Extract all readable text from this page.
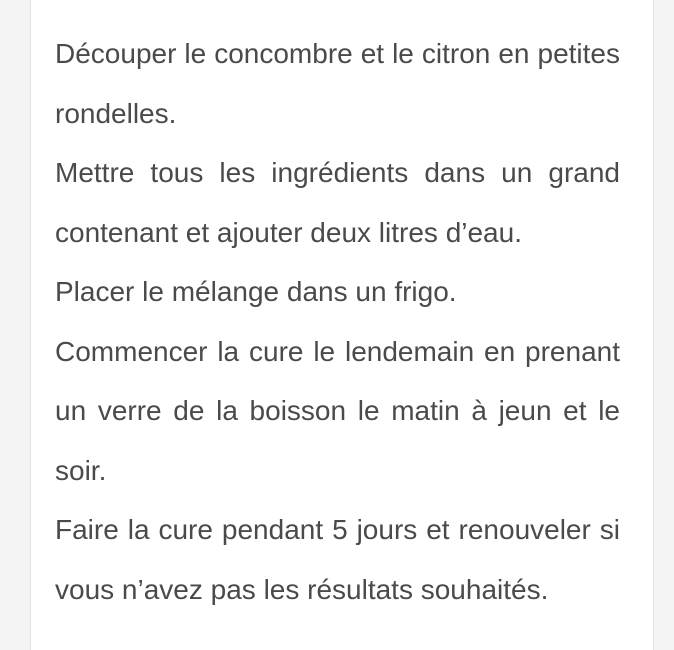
Découper le concombre et le citron en petites rondelles.

Mettre tous les ingrédients dans un grand contenant et ajouter deux litres d’eau.

Placer le mélange dans un frigo.

Commencer la cure le lendemain en prenant un verre de la boisson le matin à jeun et le soir.

Faire la cure pendant 5 jours et renouveler si vous n’avez pas les résultats souhaités.
